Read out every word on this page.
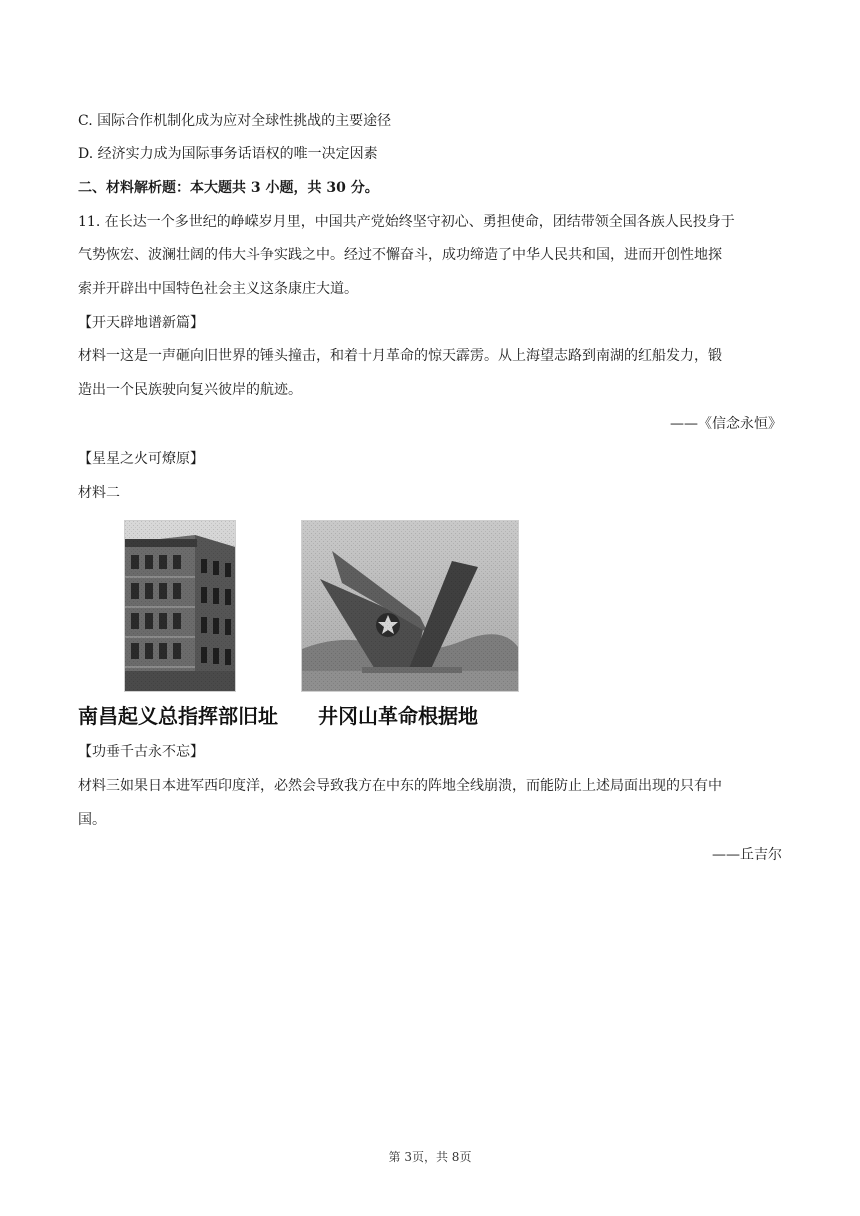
C. 国际合作机制化成为应对全球性挑战的主要途径
D. 经济实力成为国际事务话语权的唯一决定因素
二、材料解析题：本大题共 3 小题，共 30 分。
11. 在长达一个多世纪的峥嵘岁月里，中国共产党始终坚守初心、勇担使命，团结带领全国各族人民投身于
气势恢宏、波澜壮阔的伟大斗争实践之中。经过不懈奋斗，成功缔造了中华人民共和国，进而开创性地探
索并开辟出中国特色社会主义这条康庄大道。
【开天辟地谱新篇】
材料一这是一声砸向旧世界的锤头撞击，和着十月革命的惊天霹雳。从上海望志路到南湖的红船发力，锻
造出一个民族驶向复兴彼岸的航迹。
——《信念永恒》
【星星之火可燎原】
材料二
南昌起义总指挥部旧址 井冈山革命根据地
【功垂千古永不忘】
材料三如果日本进军西印度洋，必然会导致我方在中东的阵地全线崩溃，而能防止上述局面出现的只有中
国。
——丘吉尔
第 3页，共 8页
